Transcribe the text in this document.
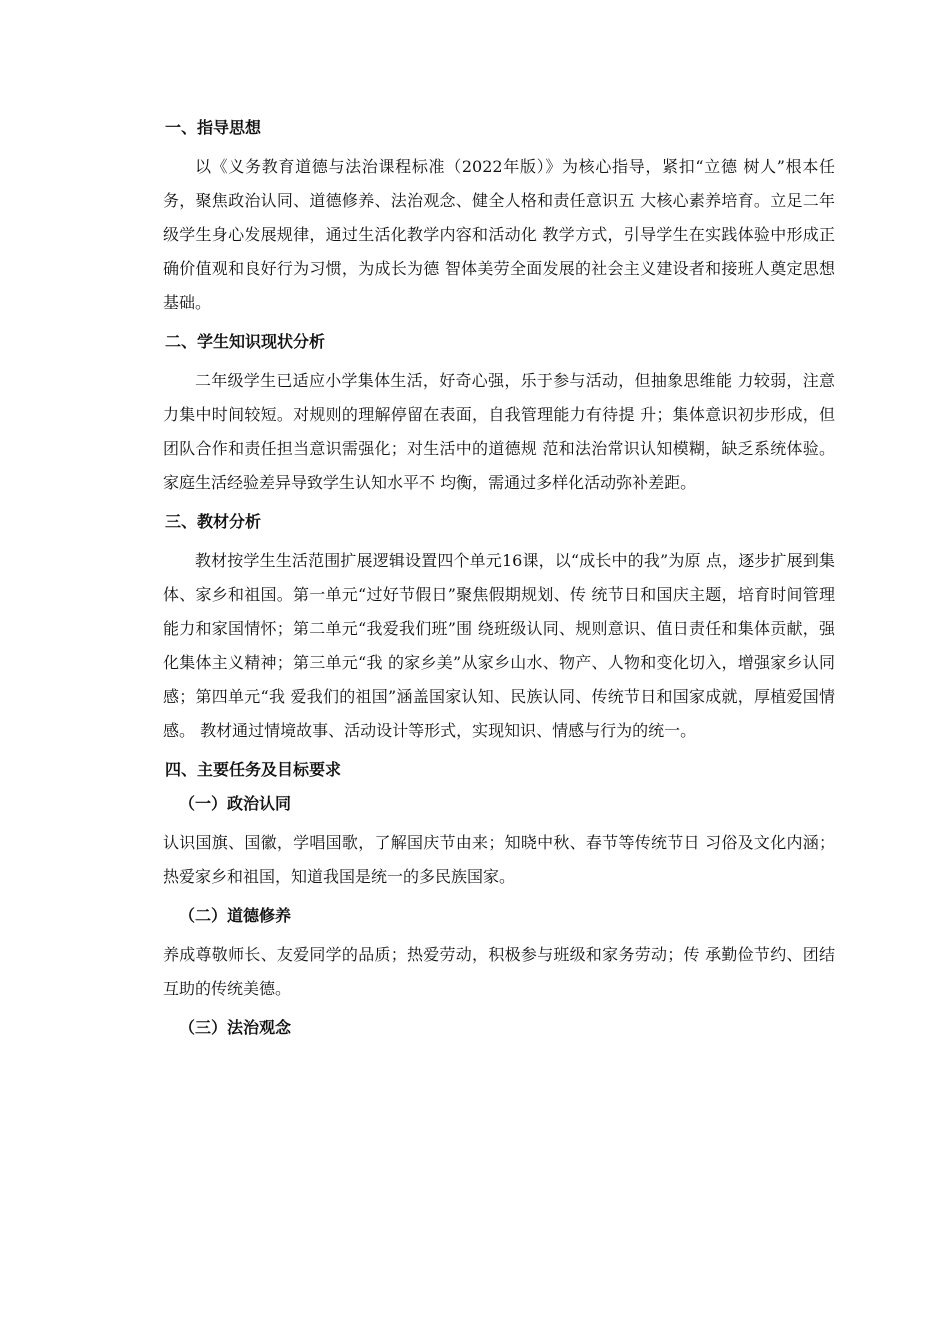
一、指导思想

以《义务教育道德与法治课程标准（2022年版）》为核心指导，紧扣“立德 树人”根本任务，聚焦政治认同、道德修养、法治观念、健全人格和责任意识五 大核心素养培育。立足二年级学生身心发展规律，通过生活化教学内容和活动化 教学方式，引导学生在实践体验中形成正确价值观和良好行为习惯，为成长为德 智体美劳全面发展的社会主义建设者和接班人奠定思想基础。

二、学生知识现状分析

二年级学生已适应小学集体生活，好奇心强，乐于参与活动，但抽象思维能 力较弱，注意力集中时间较短。对规则的理解停留在表面，自我管理能力有待提 升；集体意识初步形成，但团队合作和责任担当意识需强化；对生活中的道德规 范和法治常识认知模糊，缺乏系统体验。家庭生活经验差异导致学生认知水平不 均衡，需通过多样化活动弥补差距。

三、教材分析

教材按学生生活范围扩展逻辑设置四个单元16课，以“成长中的我”为原 点，逐步扩展到集体、家乡和祖国。第一单元“过好节假日”聚焦假期规划、传 统节日和国庆主题，培育时间管理能力和家国情怀；第二单元“我爱我们班”围 绕班级认同、规则意识、值日责任和集体贡献，强化集体主义精神；第三单元“我 的家乡美”从家乡山水、物产、人物和变化切入，增强家乡认同感；第四单元“我 爱我们的祖国”涵盖国家认知、民族认同、传统节日和国家成就，厚植爱国情感。 教材通过情境故事、活动设计等形式，实现知识、情感与行为的统一。

四、主要任务及目标要求
（一）政治认同

认识国旗、国徽，学唱国歌，了解国庆节由来；知晓中秋、春节等传统节日 习俗及文化内涵；热爱家乡和祖国，知道我国是统一的多民族国家。

（二）道德修养

养成尊敬师长、友爱同学的品质；热爱劳动，积极参与班级和家务劳动；传 承勤俭节约、团结互助的传统美德。

（三）法治观念
